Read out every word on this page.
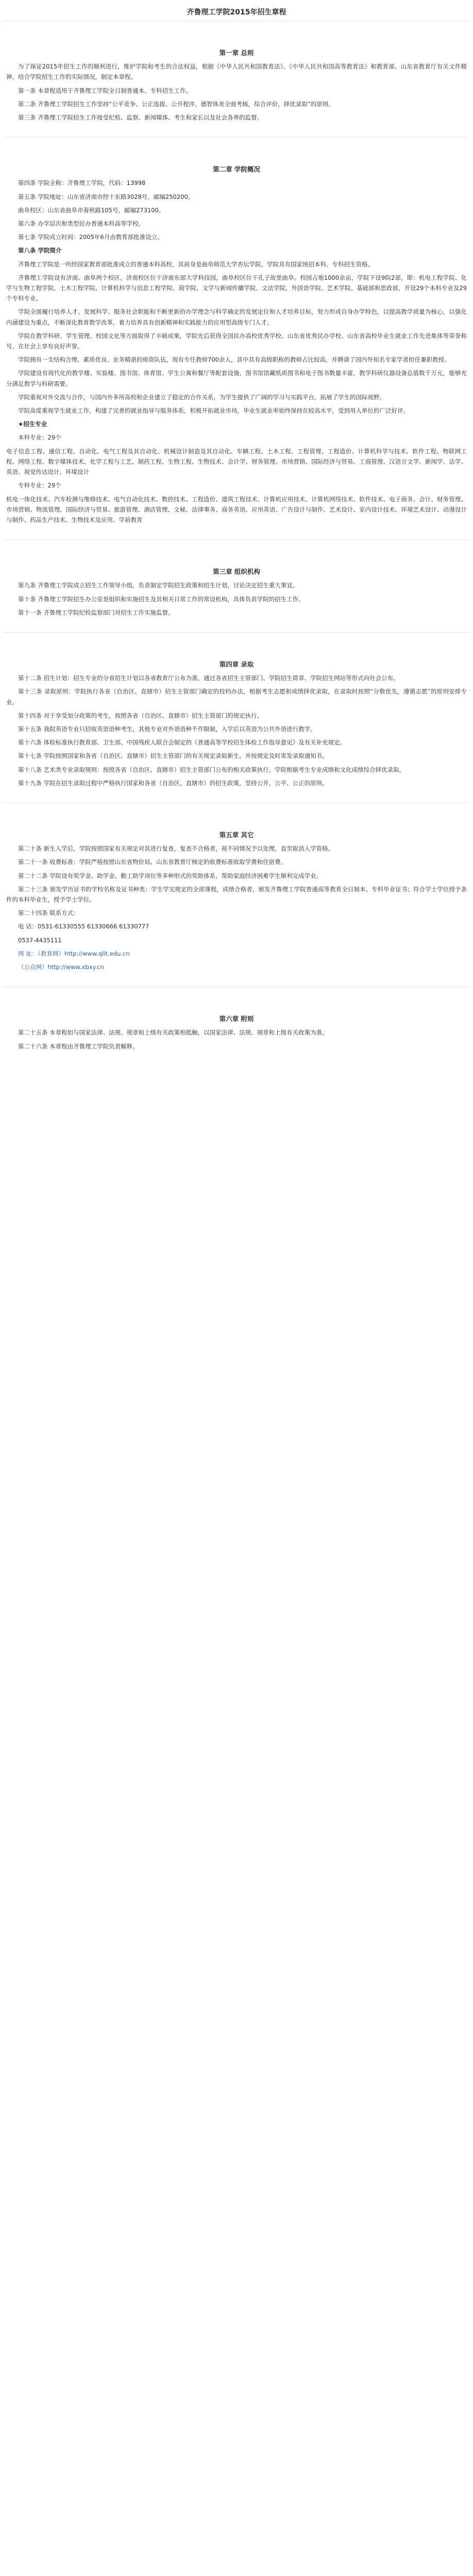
齐鲁理工学院2015年招生章程
第一章 总则

为了保证2015年招生工作的顺利进行，维护学院和考生的合法权益，根据《中华人民共和国教育法》、《中华人民共和国高等教育法》和教育部、山东省教育厅有关文件精神，结合学院招生工作的实际情况，制定本章程。

第一条 本章程适用于齐鲁理工学院全日制普通本、专科招生工作。

第二条 齐鲁理工学院招生工作坚持“公平竞争、公正选拔、公开程序，德智体美全面考核，综合评价，择优录取”的原则。

第三条 齐鲁理工学院招生工作接受纪检、监察、新闻媒体、考生和家长以及社会各界的监督。

第二章 学院概况

第四条 学院全称：齐鲁理工学院，代码：13998

第五条 学院地址：山东省济南市经十东路3028号，邮编250200。

曲阜校区：山东省曲阜市春秋路105号，邮编273100。

第六条 办学层次和类型民办普通本科高等学校。

第七条 学院成立时间：2005年6月由教育部批准设立。

第八条 学院简介

齐鲁理工学院是一所经国家教育部批准成立的普通本科高校，其前身是曲阜师范大学杏坛学院。学院具有国家统招本科、专科招生资格。

齐鲁理工学院设有济南、曲阜两个校区，济南校区位于济南东部大学科技园，曲阜校区位于孔子故里曲阜。校园占地1000余亩，学院下设9院2部，即：机电工程学院、化学与生物工程学院、土木工程学院、计算机科学与信息工程学院、商学院、文学与新闻传播学院、文法学院、外国语学院、艺术学院、基础部和思政部，开设29个本科专业及29个专科专业。

学院全面履行培养人才、发展科学、服务社会职能和不断更新的办学理念与科学确定的发展定位和人才培养目标，努力形成自身办学特色，以提高教学质量为核心，以强化内涵建设为重点，不断深化教育教学改革，着力培养具有创新精神和实践能力的应用型高级专门人才。

学院在教学科研、学生管理、校园文化等方面取得了丰硕成果，学院先后获得全国民办高校优秀学校、山东省优秀民办学校、山东省高校毕业生就业工作先进集体等荣誉称号，在社会上享有良好声誉。

学院拥有一支结构合理、素质优良、业务精湛的师资队伍，现有专任教师700余人，其中具有高级职称的教师占比较高，并聘请了国内外知名专家学者担任兼职教授。

学院建设有现代化的教学楼、实验楼、图书馆、体育馆、学生公寓和餐厅等配套设施，图书馆馆藏纸质图书和电子图书数量丰富，教学科研仪器设备总值数千万元，能够充分满足教学与科研需要。

学院重视对外交流与合作，与国内外多所高校和企业建立了稳定的合作关系，为学生提供了广阔的学习与实践平台，拓展了学生的国际视野。

学院高度重视学生就业工作，构建了完善的就业指导与服务体系，积极开拓就业市场，毕业生就业率始终保持在较高水平，受到用人单位的广泛好评。

★招生专业

本科专业：29个

电子信息工程、通信工程、自动化、电气工程及其自动化、机械设计制造及其自动化、车辆工程、土木工程、工程管理、工程造价、计算机科学与技术、软件工程、物联网工程、网络工程、数字媒体技术、化学工程与工艺、制药工程、生物工程、生物技术、会计学、财务管理、市场营销、国际经济与贸易、工商管理、汉语言文学、新闻学、法学、英语、视觉传达设计、环境设计

专科专业：29个

机电一体化技术、汽车检测与维修技术、电气自动化技术、数控技术、工程造价、建筑工程技术、计算机应用技术、计算机网络技术、软件技术、电子商务、会计、财务管理、市场营销、物流管理、国际经济与贸易、旅游管理、酒店管理、文秘、法律事务、商务英语、应用英语、广告设计与制作、艺术设计、室内设计技术、环境艺术设计、动漫设计与制作、药品生产技术、生物技术及应用、学前教育

第三章 组织机构

第九条 齐鲁理工学院成立招生工作领导小组，负责制定学院招生政策和招生计划，讨论决定招生重大事宜。

第十条 齐鲁理工学院招生办公室是组织和实施招生及其相关日常工作的常设机构，具体负责学院的招生工作。

第十一条 齐鲁理工学院纪检监察部门对招生工作实施监督。

第四章 录取

第十二条 招生计划：招生专业的分省招生计划以各省教育厅公布为准，通过各省招生主管部门、学院招生简章、学院招生网站等形式向社会公布。

第十三条 录取原则：学院执行各省（自治区、直辖市）招生主管部门确定的投档办法，根据考生志愿和成绩择优录取，在录取时按照“分数优先，遵循志愿”的原则安排专业。

第十四条 对于享受加分政策的考生，按照各省（自治区、直辖市）招生主管部门的规定执行。

第十五条 我院英语专业只招收英语语种考生，其他专业对外语语种不作限制，入学后以英语为公共外语进行教学。

第十六条 体检标准执行教育部、卫生部、中国残疾人联合会制定的《普通高等学校招生体检工作指导意见》及有关补充规定。

第十七条 学院按照国家和各省（自治区、直辖市）招生主管部门的有关规定录取新生，并按规定及时寄发录取通知书。

第十八条 艺术类专业录取规则：按照各省（自治区、直辖市）招生主管部门公布的相关政策执行，学院根据考生专业成绩和文化成绩综合择优录取。

第十九条 学院在招生录取过程中严格执行国家和各省（自治区、直辖市）的招生政策，坚持公开、公平、公正的原则。

第五章 其它

第二十条 新生入学后，学院按照国家有关规定对其进行复查，复查不合格者，视不同情况予以处理，直至取消入学资格。

第二十一条 收费标准：学院严格按照山东省物价局、山东省教育厅核定的收费标准收取学费和住宿费。

第二十二条 学院设有奖学金、助学金、勤工助学岗位等多种形式的奖助体系，帮助家庭经济困难学生顺利完成学业。

第二十三条 颁发学历证书的学校名称及证书种类：学生学完规定的全部课程，成绩合格者，颁发齐鲁理工学院普通高等教育全日制本、专科毕业证书；符合学士学位授予条件的本科毕业生，授予学士学位。

第二十四条 联系方式：

电 话：0531-61330555 61330666 61330777

0537-4435111

网 址：（教育网）http://www.qlit.edu.cn

（公众网）http://www.xbxy.cn

第六章 附则

第二十五条 本章程如与国家法律、法规、规章和上级有关政策相抵触，以国家法律、法规、规章和上级有关政策为准。

第二十六条 本章程由齐鲁理工学院负责解释。
